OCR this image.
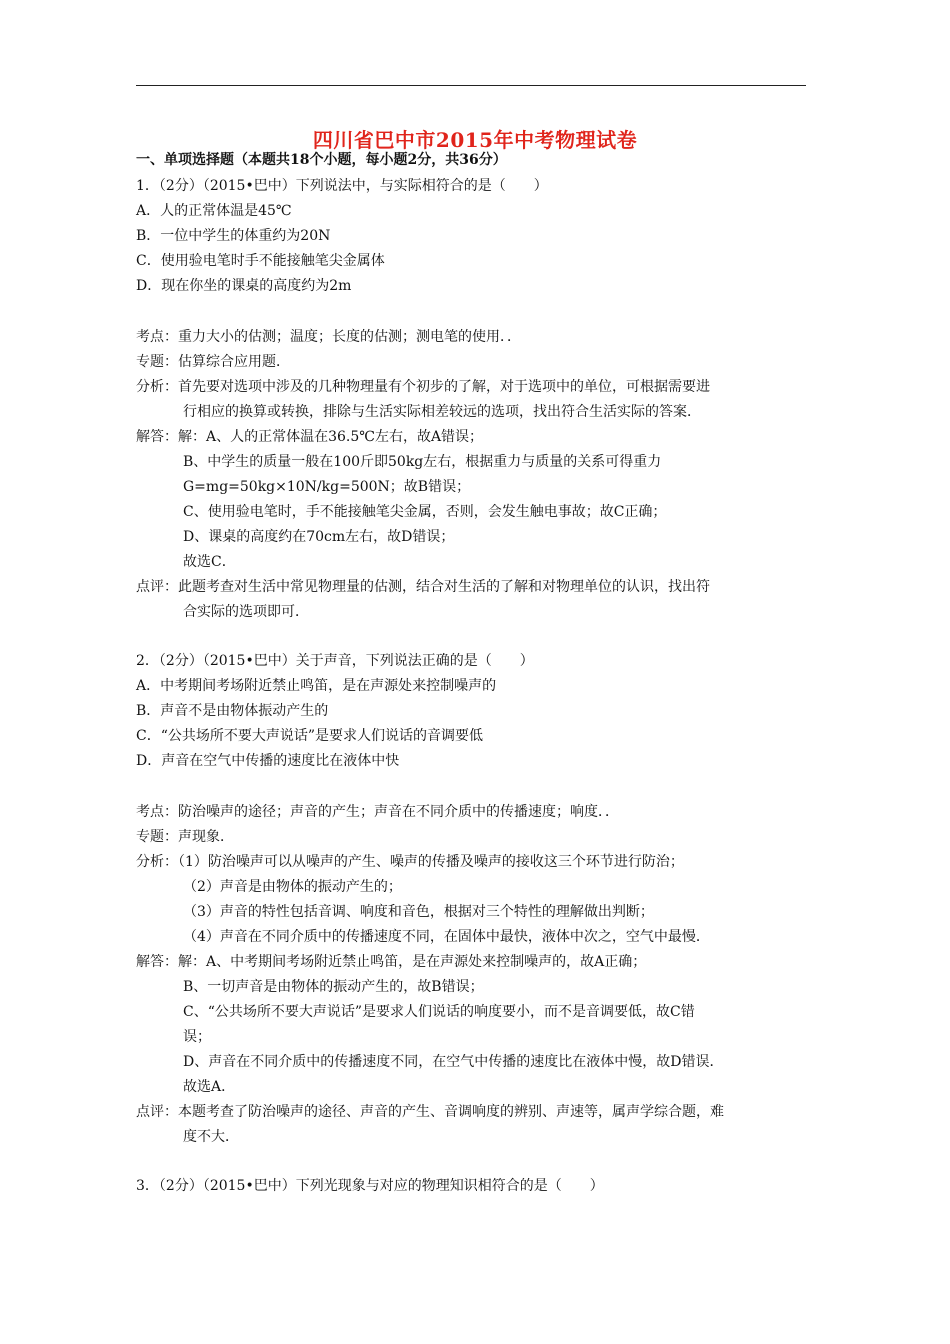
四川省巴中市2015年中考物理试卷
一、单项选择题（本题共18个小题，每小题2分，共36分）
1．（2分）（2015•巴中）下列说法中，与实际相符合的是（　　）
A．人的正常体温是45℃
B．一位中学生的体重约为20N
C．使用验电笔时手不能接触笔尖金属体
D．现在你坐的课桌的高度约为2m
考点：重力大小的估测；温度；长度的估测；测电笔的使用．．
专题：估算综合应用题．
分析：首先要对选项中涉及的几种物理量有个初步的了解，对于选项中的单位，可根据需要进
行相应的换算或转换，排除与生活实际相差较远的选项，找出符合生活实际的答案．
解答：解：A、人的正常体温在36.5℃左右，故A错误；
B、中学生的质量一般在100斤即50kg左右，根据重力与质量的关系可得重力
G=mg=50kg×10N/kg=500N；故B错误；
C、使用验电笔时，手不能接触笔尖金属，否则，会发生触电事故；故C正确；
D、课桌的高度约在70cm左右，故D错误；
故选C．
点评：此题考查对生活中常见物理量的估测，结合对生活的了解和对物理单位的认识，找出符
合实际的选项即可．
2．（2分）（2015•巴中）关于声音，下列说法正确的是（　　）
A．中考期间考场附近禁止鸣笛，是在声源处来控制噪声的
B．声音不是由物体振动产生的
C．“公共场所不要大声说话”是要求人们说话的音调要低
D．声音在空气中传播的速度比在液体中快
考点：防治噪声的途径；声音的产生；声音在不同介质中的传播速度；响度．．
专题：声现象．
分析：（1）防治噪声可以从噪声的产生、噪声的传播及噪声的接收这三个环节进行防治；
（2）声音是由物体的振动产生的；
（3）声音的特性包括音调、响度和音色，根据对三个特性的理解做出判断；
（4）声音在不同介质中的传播速度不同，在固体中最快，液体中次之，空气中最慢．
解答：解：A、中考期间考场附近禁止鸣笛，是在声源处来控制噪声的，故A正确；
B、一切声音是由物体的振动产生的，故B错误；
C、“公共场所不要大声说话”是要求人们说话的响度要小，而不是音调要低，故C错
误；
D、声音在不同介质中的传播速度不同，在空气中传播的速度比在液体中慢，故D错误．
故选A．
点评：本题考查了防治噪声的途径、声音的产生、音调响度的辨别、声速等，属声学综合题，难
度不大．
3．（2分）（2015•巴中）下列光现象与对应的物理知识相符合的是（　　）
